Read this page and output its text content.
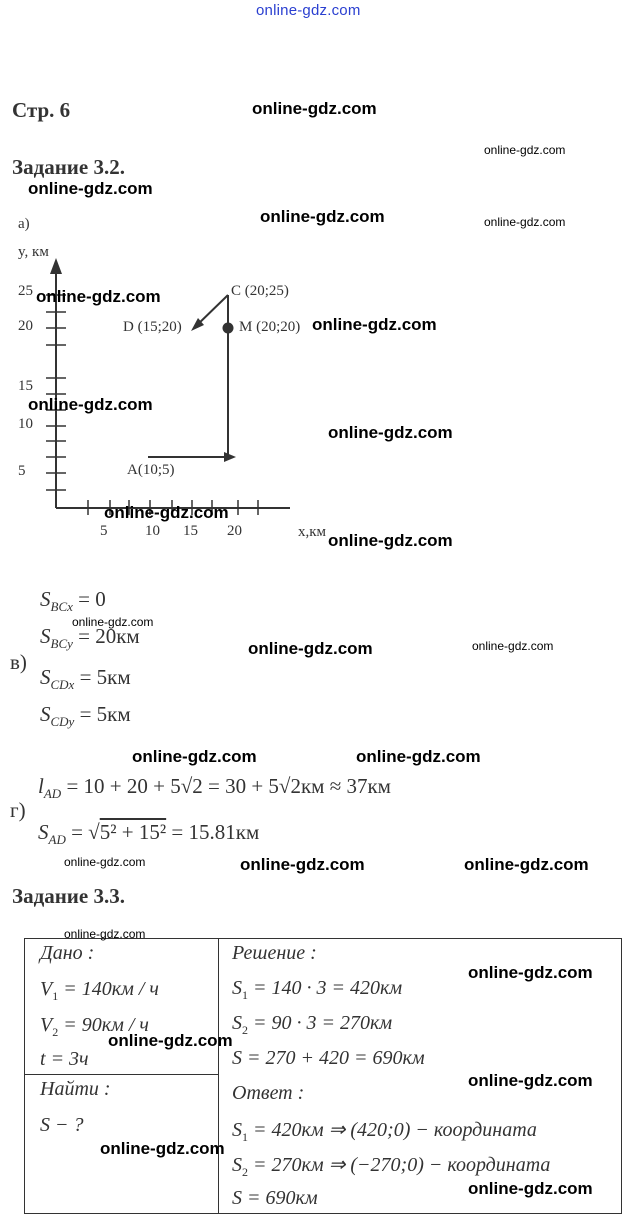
online-gdz.com
Стр. 6
Задание 3.2.
а)
y, км
25
20
15
10
5
5	10 15 20	x,км
A(10;5)
C (20;25)
D (15;20)	M (20;20)
в)
$S_{BCx} = 0$
$S_{BCy} = 20км$
$S_{CDx} = 5км$
$S_{CDy} = 5км$
г)
$l_{AD} = 10 + 20 + 5√2 = 30 + 5√2км \approx 37км$
$S_{AD} = √5^2 + 15^2 = 15.81км$
Задание 3.3.
Дано :
$V_1 = 140км / ч$
$V_2 = 90км / ч$
t = 3ч
Найти :
S − ?
Решение :
$S_1 = 140 \cdot 3 = 420км$
$S_2 = 90 \cdot 3 = 270км$
S = 270 + 420 = 690км
Ответ :
$S_1 = 420км$ ⇒ (420;0) − координата
$S_2 = 270км$ ⇒ (−270;0) − координата
S = 690км
online-gdz.com
online-gdz.com
online-gdz.com
online-gdz.com
online-gdz.com
online-gdz.com
online-gdz.com
online-gdz.com
online-gdz.com
online-gdz.com
online-gdz.com	online-gdz.com
online-gdz.com	online-gdz.com
online-gdz.com
online-gdz.com
online-gdz.com
online-gdz.com
online-gdz.com
online-gdz.com
online-gdz.com
online-gdz.com
online-gdz.com
online-gdz.com
online-gdz.com
